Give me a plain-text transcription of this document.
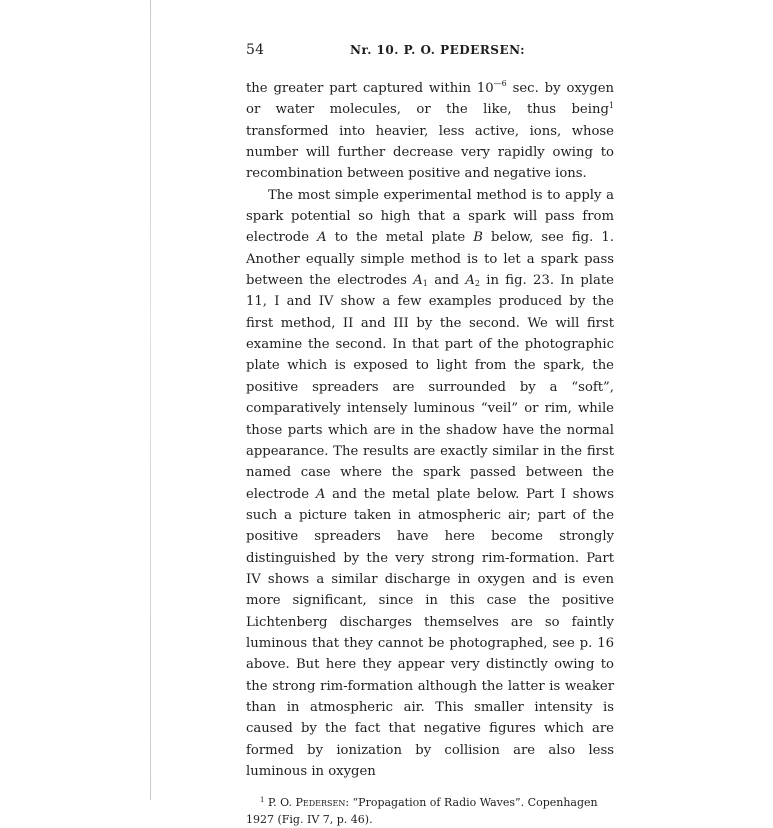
54	Nr. 10. P. O. PEDERSEN:

the greater part captured within $10^{—6}$ sec. by oxygen or water molecules, or the like, thus being$^1$ transformed into heavier, less active, ions, whose number will further decrease very rapidly owing to recombination between positive and negative ions.

The most simple experimental method is to apply a spark potential so high that a spark will pass from electrode A to the metal plate B below, see fig. 1. Another equally simple method is to let a spark pass between the electrodes $A_1$ and $A_2$ in fig. 23. In plate 11, I and IV show a few examples produced by the first method, II and III by the second. We will first examine the second. In that part of the photographic plate which is exposed to light from the spark, the positive spreaders are surrounded by a “soft”, comparatively intensely luminous “veil” or rim, while those parts which are in the shadow have the normal appearance. The results are exactly similar in the first named case where the spark passed between the electrode A and the metal plate below. Part I shows such a picture taken in atmospheric air; part of the positive spreaders have here become strongly distinguished by the very strong rim-formation. Part IV shows a similar discharge in oxygen and is even more significant, since in this case the positive Lichtenberg discharges themselves are so faintly luminous that they cannot be photographed, see p. 16 above. But here they appear very distinctly owing to the strong rim-formation although the latter is weaker than in atmospheric air. This smaller intensity is caused by the fact that negative figures which are formed by ionization by collision are also less luminous in oxygen

$^1$ P. O. Pedersen: “Propagation of Radio Waves”. Copenhagen 1927 (Fig. IV 7, p. 46).
